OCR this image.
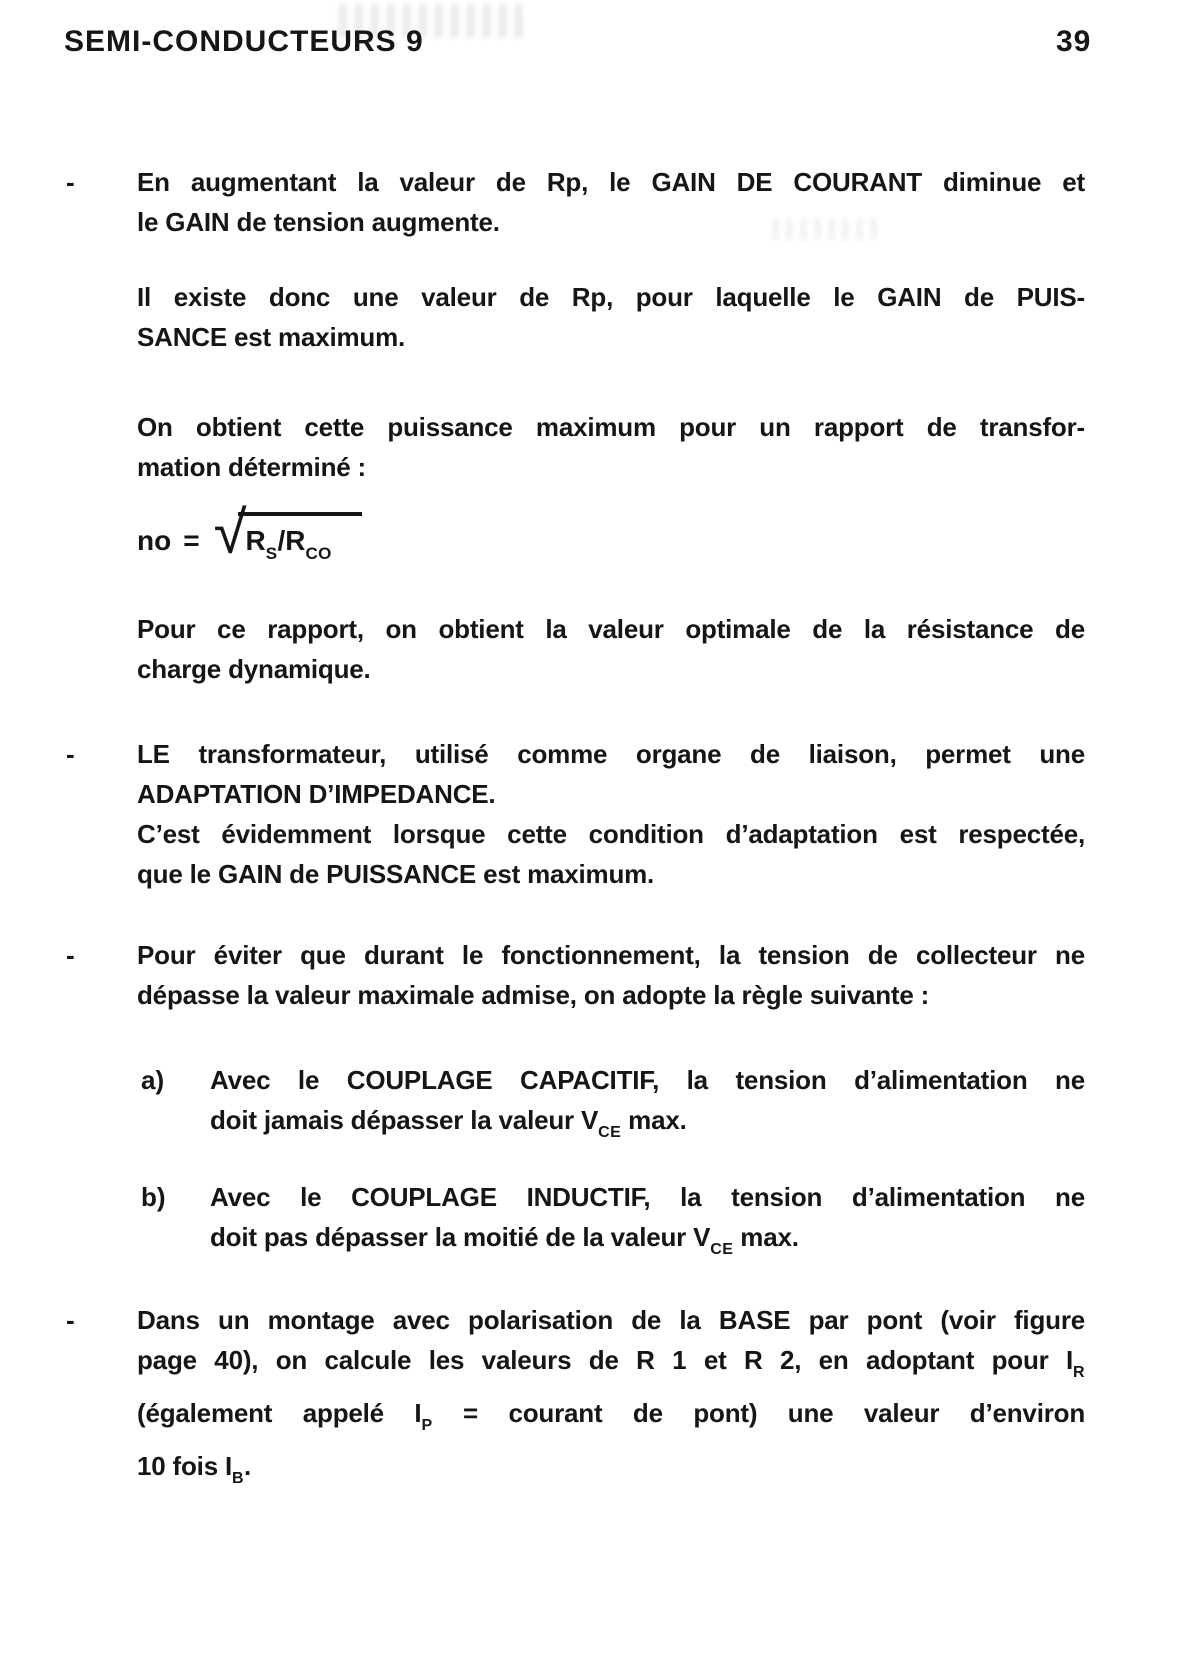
SEMI-CONDUCTEURS 9	39
-	En augmentant la valeur de Rp, le GAIN DE COURANT diminue et
le GAIN de tension augmente.
Il existe donc une valeur de Rp, pour laquelle le GAIN de PUIS-
SANCE est maximum.
On obtient cette puissance maximum pour un rapport de transfor-
mation déterminé :
no = √ $R_S/R_{CO}$
Pour ce rapport, on obtient la valeur optimale de la résistance de
charge dynamique.
-	LE transformateur, utilisé comme organe de liaison, permet une
ADAPTATION D’IMPEDANCE.
C’est évidemment lorsque cette condition d’adaptation est respectée,
que le GAIN de PUISSANCE est maximum.
-	Pour éviter que durant le fonctionnement, la tension de collecteur ne
dépasse la valeur maximale admise, on adopte la règle suivante :
a)	Avec le COUPLAGE CAPACITIF, la tension d’alimentation ne
doit jamais dépasser la valeur $V_{CE}$ max.
b)	Avec le COUPLAGE INDUCTIF, la tension d’alimentation ne
doit pas dépasser la moitié de la valeur $V_{CE}$ max.
-	Dans un montage avec polarisation de la BASE par pont (voir figure
page 40), on calcule les valeurs de R 1 et R 2, en adoptant pour $I_R$
(également appelé $I_P$ = courant de pont) une valeur d’environ
10 fois $I_B$.
